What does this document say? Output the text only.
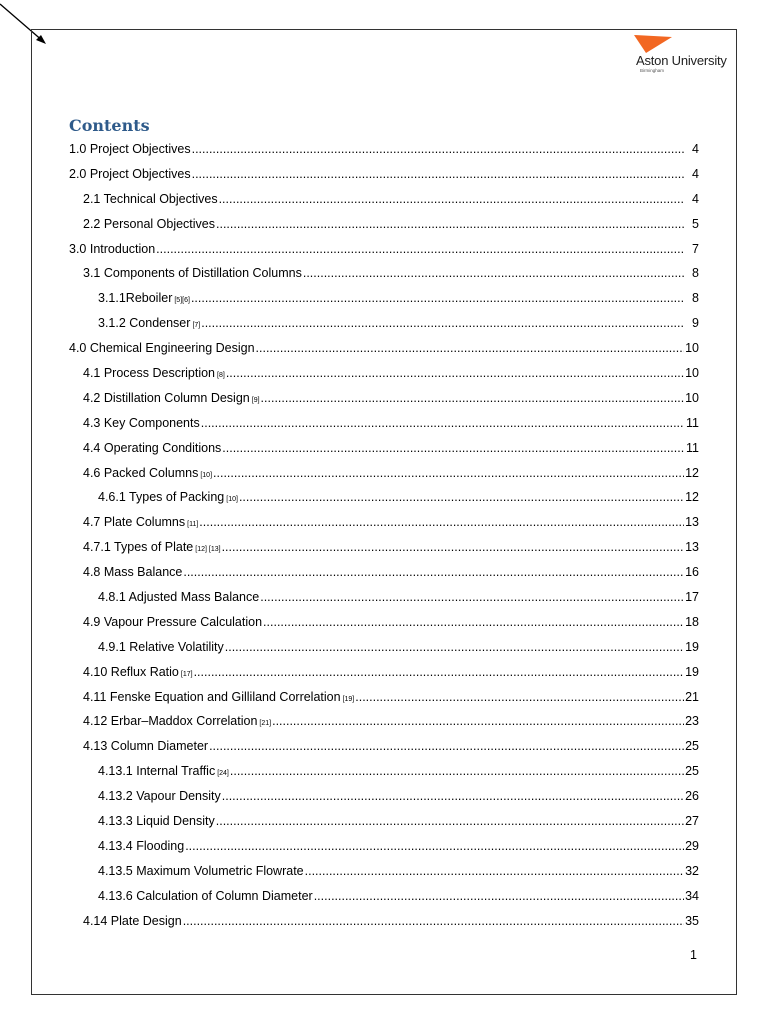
Aston University
Birmingham
Contents
1.0 Project Objectives .....	4
2.0 Project Objectives .....	4
2.1 Technical Objectives .....	4
2.2 Personal Objectives .....	5
3.0 Introduction .....	7
3.1 Components of Distillation Columns .....	8
3.1.1Reboiler [5][6] .....	8
3.1.2 Condenser [7] .....	9
4.0 Chemical Engineering Design .....	10
4.1 Process Description [8] .....	10
4.2 Distillation Column Design [9] .....	10
4.3 Key Components .....	11
4.4 Operating Conditions .....	11
4.6 Packed Columns [10] .....	12
4.6.1 Types of Packing [10] .....	12
4.7 Plate Columns [11] .....	13
4.7.1 Types of Plate [12] [13] .....	13
4.8 Mass Balance .....	16
4.8.1 Adjusted Mass Balance .....	17
4.9 Vapour Pressure Calculation .....	18
4.9.1 Relative Volatility .....	19
4.10 Reflux Ratio [17] .....	19
4.11 Fenske Equation and Gilliland Correlation [19] .....	21
4.12 Erbar–Maddox Correlation [21] .....	23
4.13 Column Diameter .....	25
4.13.1 Internal Traffic [24] .....	25
4.13.2 Vapour Density .....	26
4.13.3 Liquid Density .....	27
4.13.4 Flooding .....	29
4.13.5 Maximum Volumetric Flowrate .....	32
4.13.6 Calculation of Column Diameter .....	34
4.14 Plate Design .....	35
1
